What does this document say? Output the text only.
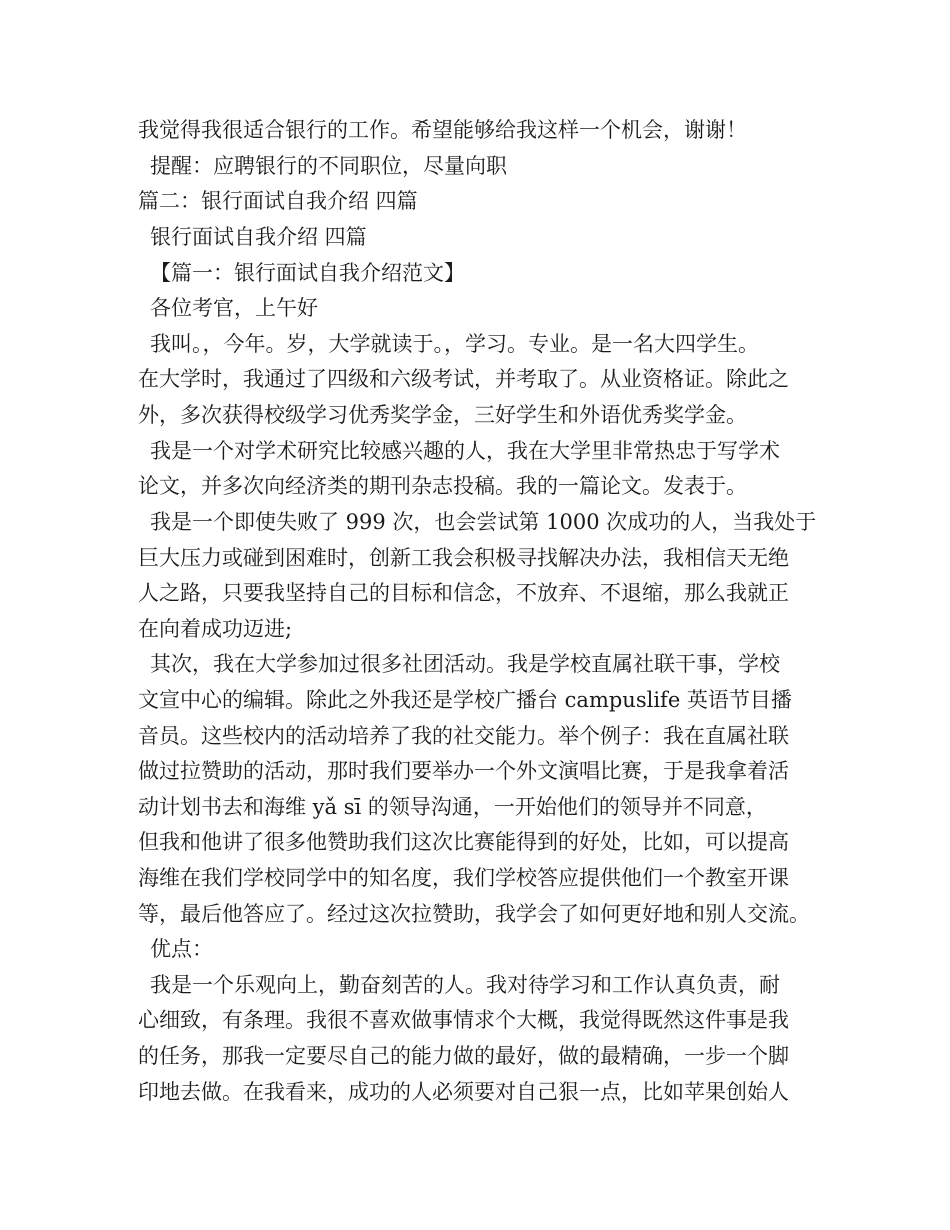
我觉得我很适合银行的工作。希望能够给我这样一个机会，谢谢！
提醒：应聘银行的不同职位，尽量向职
篇二：银行面试自我介绍 四篇
银行面试自我介绍 四篇
【篇一：银行面试自我介绍范文】
各位考官，上午好
我叫。，今年。岁，大学就读于。，学习。专业。是一名大四学生。
在大学时，我通过了四级和六级考试，并考取了。从业资格证。除此之
外，多次获得校级学习优秀奖学金，三好学生和外语优秀奖学金。
我是一个对学术研究比较感兴趣的人，我在大学里非常热忠于写学术
论文，并多次向经济类的期刊杂志投稿。我的一篇论文。发表于。
我是一个即使失败了 999 次，也会尝试第 1000 次成功的人，当我处于
巨大压力或碰到困难时，创新工我会积极寻找解决办法，我相信天无绝
人之路，只要我坚持自己的目标和信念，不放弃、不退缩，那么我就正
在向着成功迈进;
其次，我在大学参加过很多社团活动。我是学校直属社联干事，学校
文宣中心的编辑。除此之外我还是学校广播台 campuslife 英语节目播
音员。这些校内的活动培养了我的社交能力。举个例子：我在直属社联
做过拉赞助的活动，那时我们要举办一个外文演唱比赛，于是我拿着活
动计划书去和海维 yǎ sī 的领导沟通，一开始他们的领导并不同意，
但我和他讲了很多他赞助我们这次比赛能得到的好处，比如，可以提高
海维在我们学校同学中的知名度，我们学校答应提供他们一个教室开课
等，最后他答应了。经过这次拉赞助，我学会了如何更好地和别人交流。
优点：
我是一个乐观向上，勤奋刻苦的人。我对待学习和工作认真负责，耐
心细致，有条理。我很不喜欢做事情求个大概，我觉得既然这件事是我
的任务，那我一定要尽自己的能力做的最好，做的最精确，一步一个脚
印地去做。在我看来，成功的人必须要对自己狠一点，比如苹果创始人
